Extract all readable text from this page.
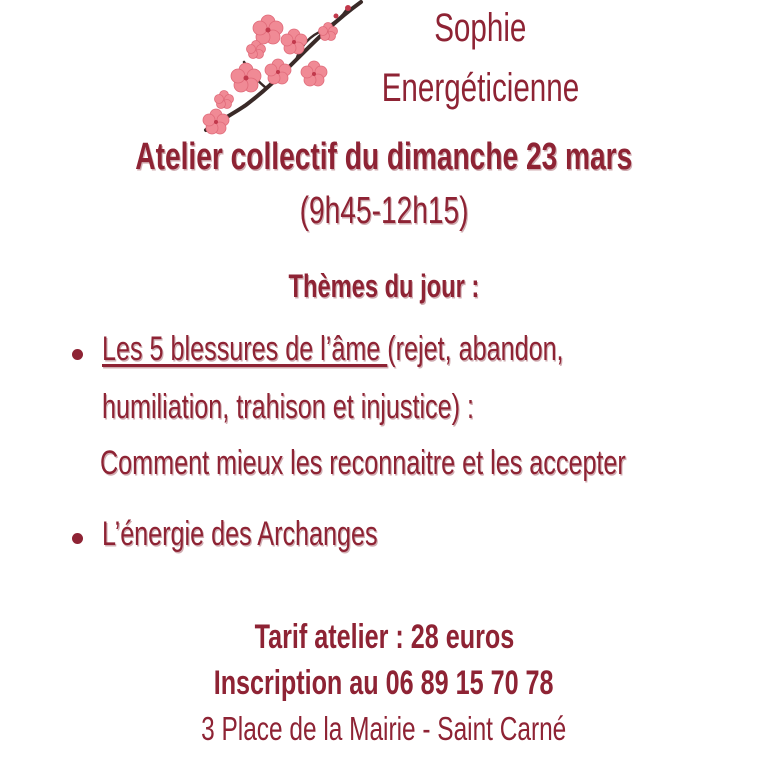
Sophie
Energéticienne
Atelier collectif du dimanche 23 mars
(9h45-12h15)
Thèmes du jour :
Les 5 blessures de l’âme (rejet, abandon,
humiliation, trahison et injustice) :
Comment mieux les reconnaitre et les accepter
L’énergie des Archanges
Tarif atelier : 28 euros
Inscription au 06 89 15 70 78
3 Place de la Mairie - Saint Carné
